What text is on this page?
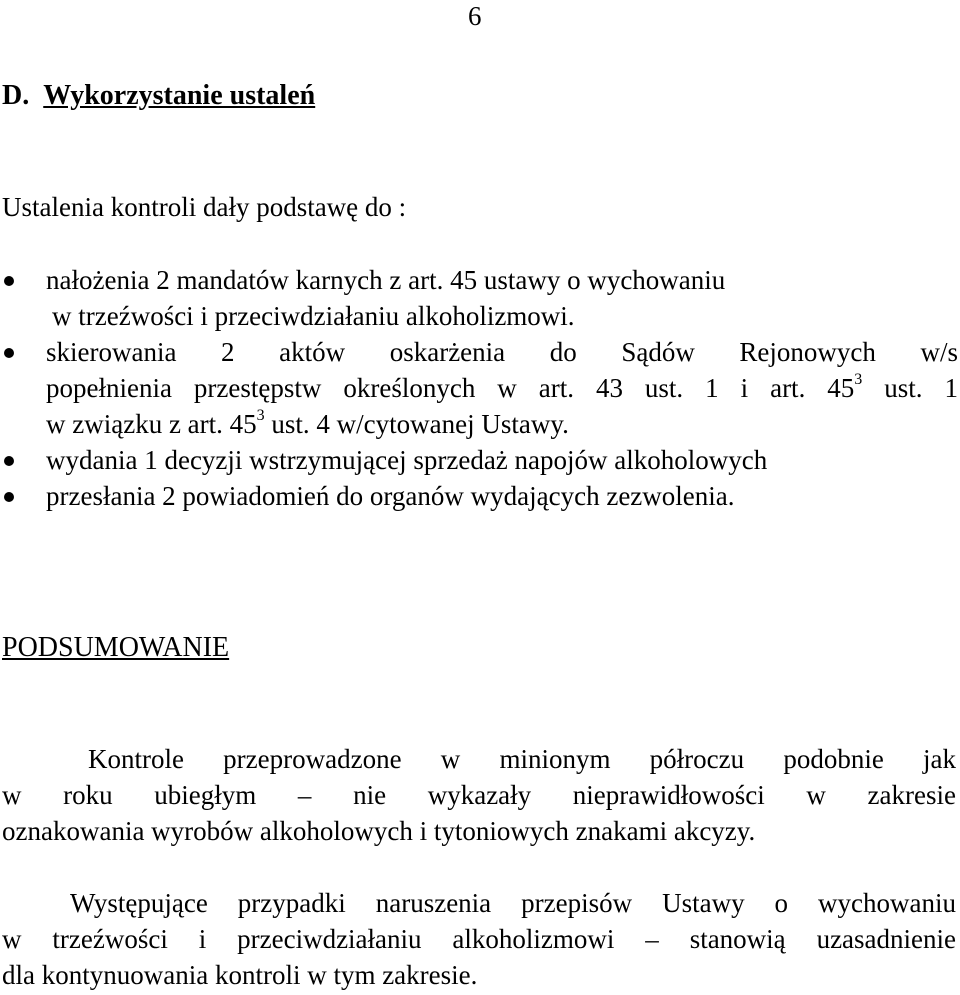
6
D. Wykorzystanie ustaleń
Ustalenia kontroli dały podstawę do :
nałożenia 2 mandatów karnych z art. 45 ustawy o wychowaniu
w trzeźwości i przeciwdziałaniu alkoholizmowi.
skierowania 2 aktów oskarżenia do Sądów Rejonowych w/s
popełnienia przestępstw określonych w art. 43 ust. 1 i art. $45^3$ ust. 1
w związku z art. $45^3$ ust. 4 w/cytowanej Ustawy.
wydania 1 decyzji wstrzymującej sprzedaż napojów alkoholowych
przesłania 2 powiadomień do organów wydających zezwolenia.
PODSUMOWANIE
Kontrole przeprowadzone w minionym półroczu podobnie jak
w roku ubiegłym – nie wykazały nieprawidłowości w zakresie
oznakowania wyrobów alkoholowych i tytoniowych znakami akcyzy.
Występujące przypadki naruszenia przepisów Ustawy o wychowaniu
w trzeźwości i przeciwdziałaniu alkoholizmowi – stanowią uzasadnienie
dla kontynuowania kontroli w tym zakresie.
